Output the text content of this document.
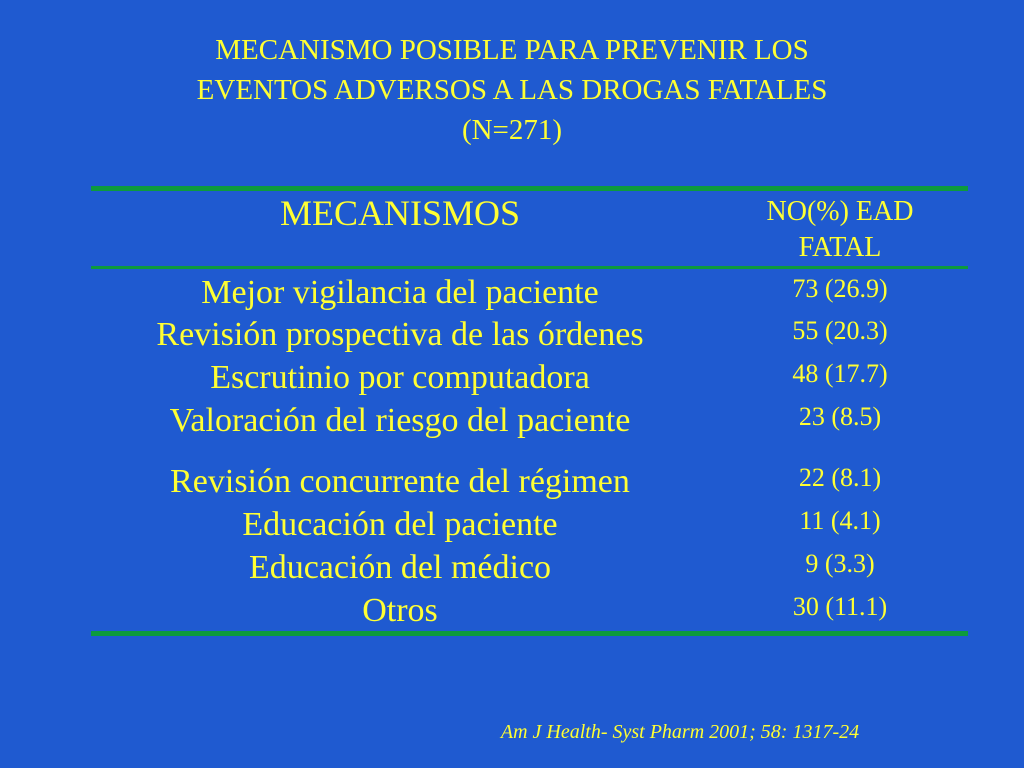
MECANISMO POSIBLE PARA PREVENIR LOS
EVENTOS ADVERSOS A LAS DROGAS FATALES
(N=271)
MECANISMOS	NO(%) EAD
FATAL
Mejor vigilancia del paciente	73 (26.9)
Revisión prospectiva de las órdenes	55 (20.3)
Escrutinio por computadora	48 (17.7)
Valoración del riesgo del paciente	23 (8.5)
Revisión concurrente del régimen	22 (8.1)
Educación del paciente	11 (4.1)
Educación del médico	9 (3.3)
Otros	30 (11.1)
Am J Health- Syst Pharm 2001; 58: 1317-24
